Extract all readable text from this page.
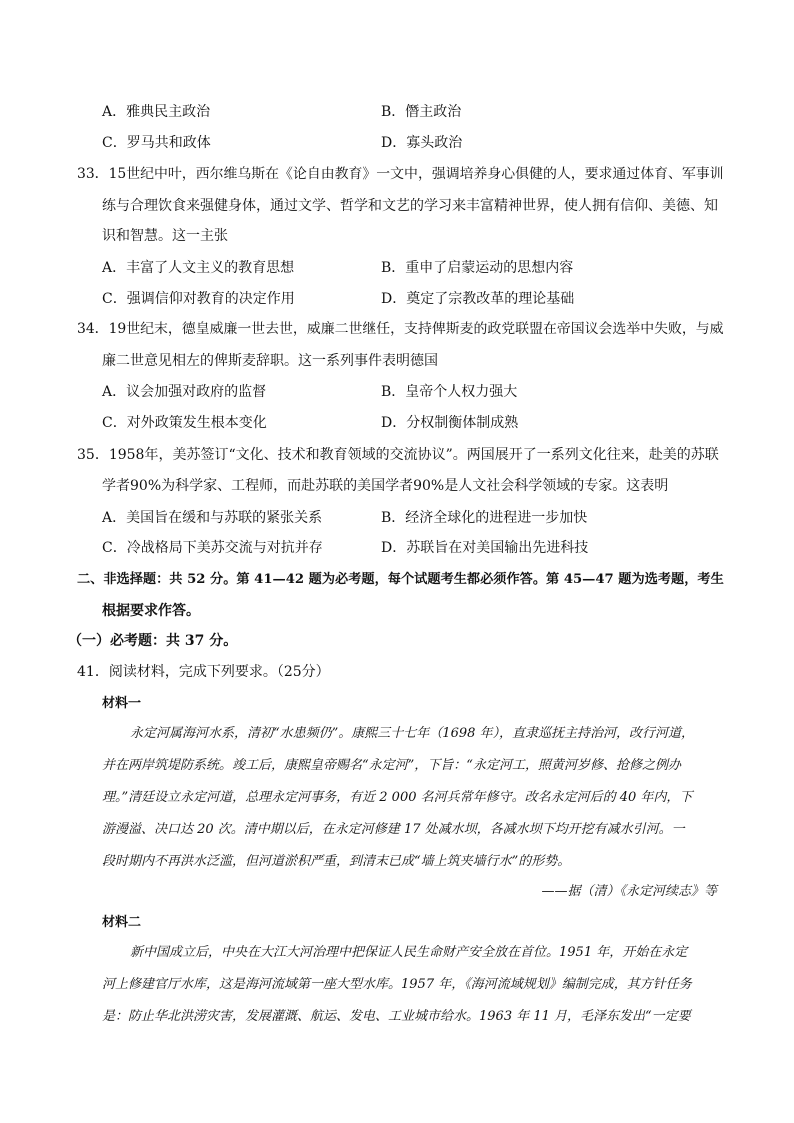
A．雅典民主政治	B．僭主政治
C．罗马共和政体	D．寡头政治
33．15世纪中叶，西尔维乌斯在《论自由教育》一文中，强调培养身心俱健的人，要求通过体育、军事训
练与合理饮食来强健身体，通过文学、哲学和文艺的学习来丰富精神世界，使人拥有信仰、美德、知
识和智慧。这一主张
A．丰富了人文主义的教育思想	B．重申了启蒙运动的思想内容
C．强调信仰对教育的决定作用	D．奠定了宗教改革的理论基础
34．19世纪末，德皇威廉一世去世，威廉二世继任，支持俾斯麦的政党联盟在帝国议会选举中失败，与威
廉二世意见相左的俾斯麦辞职。这一系列事件表明德国
A．议会加强对政府的监督	B．皇帝个人权力强大
C．对外政策发生根本变化	D．分权制衡体制成熟
35．1958年，美苏签订“文化、技术和教育领域的交流协议”。两国展开了一系列文化往来，赴美的苏联
学者90%为科学家、工程师，而赴苏联的美国学者90%是人文社会科学领域的专家。这表明
A．美国旨在缓和与苏联的紧张关系	B．经济全球化的进程进一步加快
C．冷战格局下美苏交流与对抗并存	D．苏联旨在对美国输出先进科技
二、非选择题：共 52 分。第 41—42 题为必考题，每个试题考生都必须作答。第 45—47 题为选考题，考生
根据要求作答。
（一）必考题：共 37 分。
41．阅读材料，完成下列要求。（25分）
材料一
永定河属海河水系，清初“水患频仍”。康熙三十七年（1698 年），直隶巡抚主持治河，改行河道，
并在两岸筑堤防系统。竣工后，康熙皇帝赐名“永定河”，下旨：“永定河工，照黄河岁修、抢修之例办
理。”清廷设立永定河道，总理永定河事务，有近 2 000 名河兵常年修守。改名永定河后的 40 年内，下
游漫溢、决口达 20 次。清中期以后，在永定河修建 17 处减水坝，各减水坝下均开挖有减水引河。一
段时期内不再洪水泛滥，但河道淤积严重，到清末已成“墙上筑夹墙行水”的形势。
——据（清）《永定河续志》等
材料二
新中国成立后，中央在大江大河治理中把保证人民生命财产安全放在首位。1951 年，开始在永定
河上修建官厅水库，这是海河流域第一座大型水库。1957 年，《海河流域规划》编制完成，其方针任务
是：防止华北洪涝灾害，发展灌溉、航运、发电、工业城市给水。1963 年 11 月，毛泽东发出“一定要
